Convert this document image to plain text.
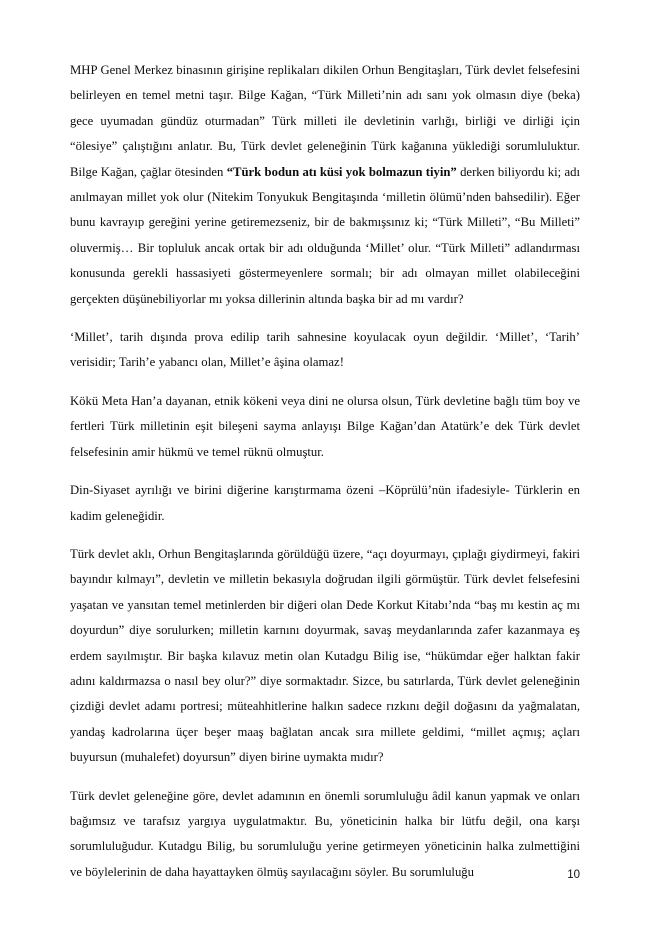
MHP Genel Merkez binasının girişine replikaları dikilen Orhun Bengitaşları, Türk devlet felsefesini belirleyen en temel metni taşır. Bilge Kağan, “Türk Milleti’nin adı sanı yok olmasın diye (beka) gece uyumadan gündüz oturmadan” Türk milleti ile devletinin varlığı, birliği ve dirliği için “ölesiye” çalıştığını anlatır. Bu, Türk devlet geleneğinin Türk kağanına yüklediği sorumluluktur. Bilge Kağan, çağlar ötesinden “Türk bodun atı küsi yok bolmazun tiyin” derken biliyordu ki; adı anılmayan millet yok olur (Nitekim Tonyukuk Bengitaşında ‘milletin ölümü’nden bahsedilir). Eğer bunu kavrayıp gereğini yerine getiremezseniz, bir de bakmışsınız ki; “Türk Milleti”, “Bu Milleti” oluvermiş… Bir topluluk ancak ortak bir adı olduğunda ‘Millet’ olur. “Türk Milleti” adlandırması konusunda gerekli hassasiyeti göstermeyenlere sormalı; bir adı olmayan millet olabileceğini gerçekten düşünebiliyorlar mı yoksa dillerinin altında başka bir ad mı vardır?

‘Millet’, tarih dışında prova edilip tarih sahnesine koyulacak oyun değildir. ‘Millet’, ‘Tarih’ verisidir; Tarih’e yabancı olan, Millet’e âşina olamaz!

Kökü Meta Han’a dayanan, etnik kökeni veya dini ne olursa olsun, Türk devletine bağlı tüm boy ve fertleri Türk milletinin eşit bileşeni sayma anlayışı Bilge Kağan’dan Atatürk’e dek Türk devlet felsefesinin amir hükmü ve temel rüknü olmuştur.

Din-Siyaset ayrılığı ve birini diğerine karıştırmama özeni –Köprülü’nün ifadesiyle- Türklerin en kadim geleneğidir.

Türk devlet aklı, Orhun Bengitaşlarında görüldüğü üzere, “açı doyurmayı, çıplağı giydirmeyi, fakiri bayındır kılmayı”, devletin ve milletin bekasıyla doğrudan ilgili görmüştür. Türk devlet felsefesini yaşatan ve yansıtan temel metinlerden bir diğeri olan Dede Korkut Kitabı’nda “baş mı kestin aç mı doyurdun” diye sorulurken; milletin karnını doyurmak, savaş meydanlarında zafer kazanmaya eş erdem sayılmıştır. Bir başka kılavuz metin olan Kutadgu Bilig ise, “hükümdar eğer halktan fakir adını kaldırmazsa o nasıl bey olur?” diye sormaktadır. Sizce, bu satırlarda, Türk devlet geleneğinin çizdiği devlet adamı portresi; müteahhitlerine halkın sadece rızkını değil doğasını da yağmalatan, yandaş kadrolarına üçer beşer maaş bağlatan ancak sıra millete geldimi, “millet açmış; açları buyursun (muhalefet) doyursun” diyen birine uymakta mıdır?

Türk devlet geleneğine göre, devlet adamının en önemli sorumluluğu âdil kanun yapmak ve onları bağımsız ve tarafsız yargıya uygulatmaktır. Bu, yöneticinin halka bir lütfu değil, ona karşı sorumluluğudur. Kutadgu Bilig, bu sorumluluğu yerine getirmeyen yöneticinin halka zulmettiğini ve böylelerinin de daha hayattayken ölmüş sayılacağını söyler. Bu sorumluluğu	10
